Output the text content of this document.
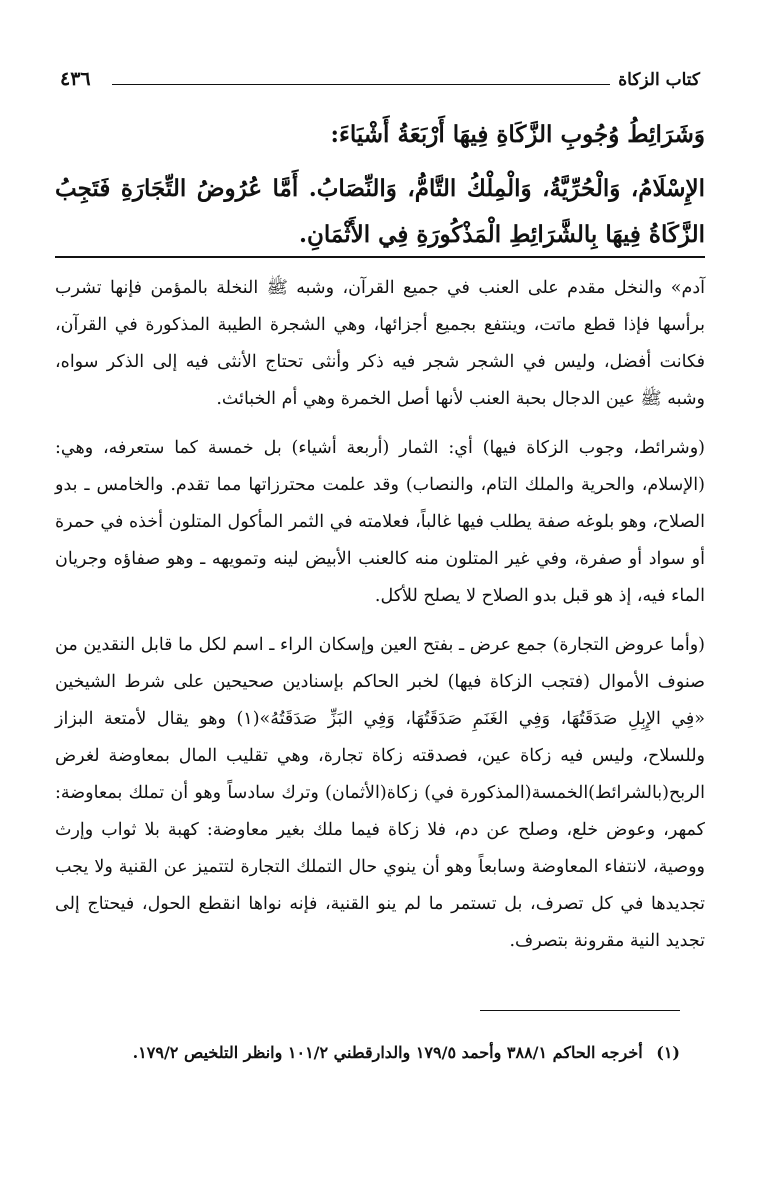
كتاب الزكاة
٤٣٦

وَشَرَائِطُ وُجُوبِ الزَّكَاةِ فِيهَا أَرْبَعَةُ أَشْيَاءَ:

الإِسْلَامُ، وَالْحُرِّيَّةُ، وَالْمِلْكُ التَّامُّ، وَالنِّصَابُ. أَمَّا عُرُوضُ التِّجَارَةِ فَتَجِبُ الزَّكَاةُ فِيهَا بِالشَّرَائِطِ الْمَذْكُورَةِ فِي الأَثْمَانِ.

آدم» والنخل مقدم على العنب في جميع القرآن، وشبه ﷺ النخلة بالمؤمن فإنها تشرب برأسها فإذا قطع ماتت، وينتفع بجميع أجزائها، وهي الشجرة الطيبة المذكورة في القرآن، فكانت أفضل، وليس في الشجر شجر فيه ذكر وأنثى تحتاج الأنثى فيه إلى الذكر سواه، وشبه ﷺ عين الدجال بحبة العنب لأنها أصل الخمرة وهي أم الخبائث.

(وشرائط، وجوب الزكاة فيها) أي: الثمار (أربعة أشياء) بل خمسة كما ستعرفه، وهي: (الإسلام، والحرية والملك التام، والنصاب) وقد علمت محترزاتها مما تقدم. والخامس ـ بدو الصلاح، وهو بلوغه صفة يطلب فيها غالباً، فعلامته في الثمر المأكول المتلون أخذه في حمرة أو سواد أو صفرة، وفي غير المتلون منه كالعنب الأبيض لينه وتمويهه ـ وهو صفاؤه وجريان الماء فيه، إذ هو قبل بدو الصلاح لا يصلح للأكل.

(وأما عروض التجارة) جمع عرض ـ بفتح العين وإسكان الراء ـ اسم لكل ما قابل النقدين من صنوف الأموال (فتجب الزكاة فيها) لخبر الحاكم بإسنادين صحيحين على شرط الشيخين «فِي الإِبِلِ صَدَقَتُهَا، وَفِي الغَنَمِ صَدَقَتُهَا، وَفِي البَزِّ صَدَقَتُهُ»(١) وهو يقال لأمتعة البزاز وللسلاح، وليس فيه زكاة عين، فصدقته زكاة تجارة، وهي تقليب المال بمعاوضة لغرض الربح(بالشرائط)الخمسة(المذكورة في) زكاة(الأثمان) وترك سادساً وهو أن تملك بمعاوضة: كمهر، وعوض خلع، وصلح عن دم، فلا زكاة فيما ملك بغير معاوضة: كهبة بلا ثواب وإرث ووصية، لانتفاء المعاوضة وسابعاً وهو أن ينوي حال التملك التجارة لتتميز عن القنية ولا يجب تجديدها في كل تصرف، بل تستمر ما لم ينو القنية، فإنه نواها انقطع الحول، فيحتاج إلى تجديد النية مقرونة بتصرف.

(١) أخرجه الحاكم ٣٨٨/١ وأحمد ١٧٩/٥ والدارقطني ١٠١/٢ وانظر التلخيص ١٧٩/٢.
